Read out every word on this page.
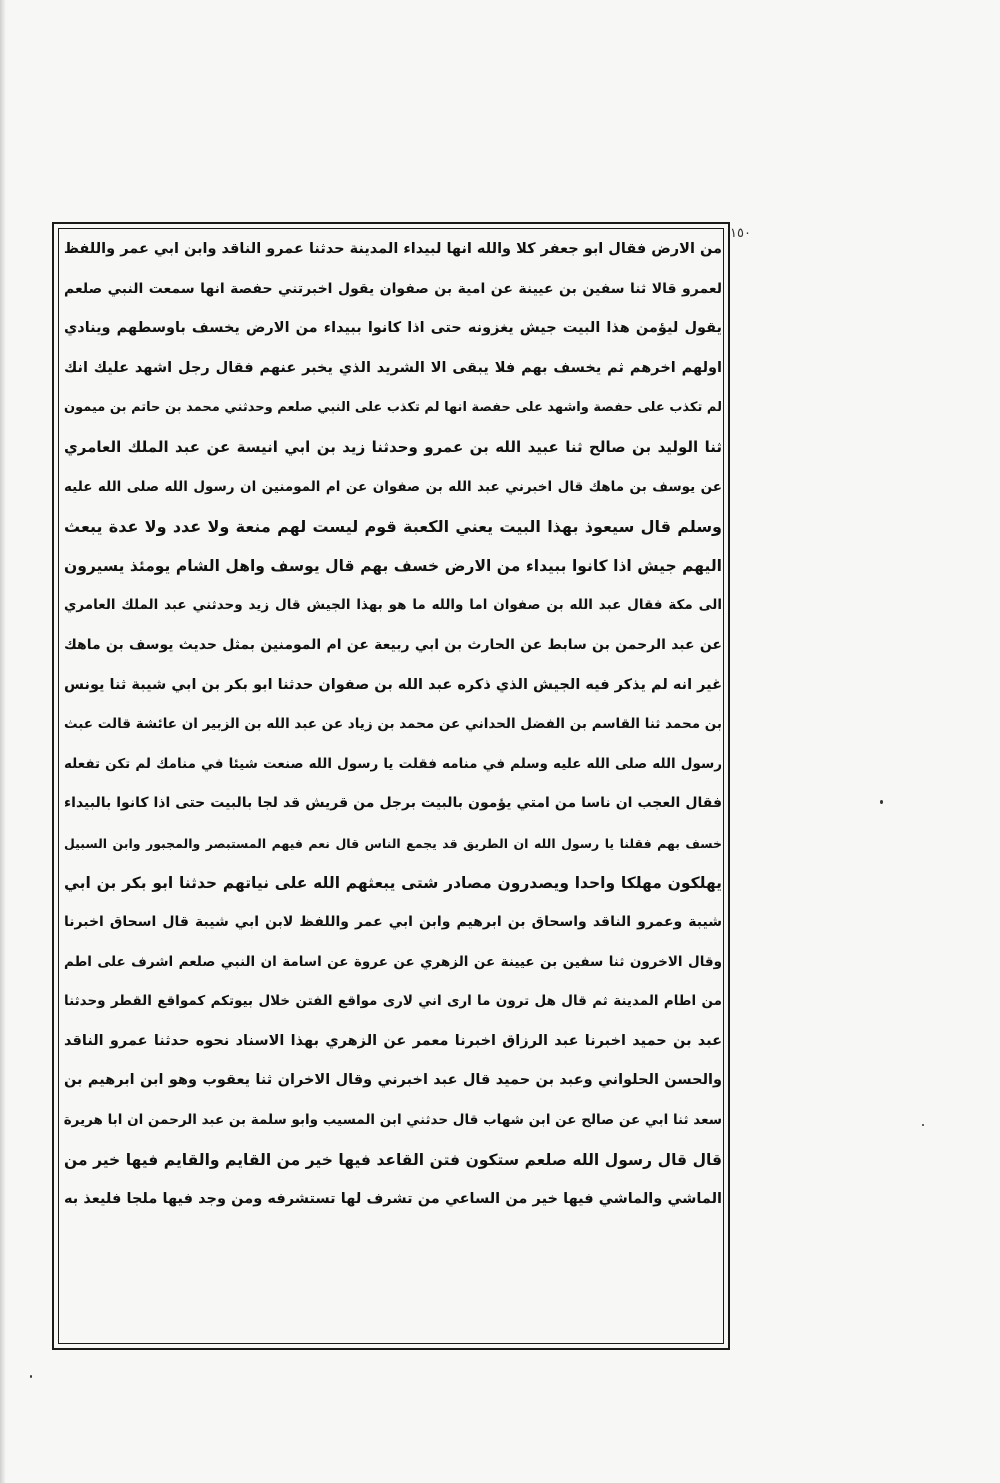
١٥٠
من الارض فقال ابو جعفر كلا والله انها لبيداء المدينة حدثنا عمرو الناقد وابن ابي عمر واللفظ
لعمرو قالا ثنا سفين بن عيينة عن امية بن صفوان يقول اخبرتني حفصة انها سمعت النبي صلعم
يقول ليؤمن هذا البيت جيش يغزونه حتى اذا كانوا ببيداء من الارض يخسف باوسطهم وينادي
اولهم اخرهم ثم يخسف بهم فلا يبقى الا الشريد الذي يخبر عنهم فقال رجل اشهد عليك انك
لم تكذب على حفصة واشهد على حفصة انها لم تكذب على النبي صلعم وحدثني محمد بن حاتم بن ميمون
ثنا الوليد بن صالح ثنا عبيد الله بن عمرو وحدثنا زيد بن ابي انيسة عن عبد الملك العامري
عن يوسف بن ماهك قال اخبرني عبد الله بن صفوان عن ام المومنين ان رسول الله صلى الله عليه
وسلم قال سيعوذ بهذا البيت يعني الكعبة قوم ليست لهم منعة ولا عدد ولا عدة يبعث
اليهم جيش اذا كانوا ببيداء من الارض خسف بهم قال يوسف واهل الشام يومئذ يسيرون
الى مكة فقال عبد الله بن صفوان اما والله ما هو بهذا الجيش قال زيد وحدثني عبد الملك العامري
عن عبد الرحمن بن سابط عن الحارث بن ابي ربيعة عن ام المومنين بمثل حديث يوسف بن ماهك
غير انه لم يذكر فيه الجيش الذي ذكره عبد الله بن صفوان حدثنا ابو بكر بن ابي شيبة ثنا يونس
بن محمد ثنا القاسم بن الفضل الحداني عن محمد بن زياد عن عبد الله بن الزبير ان عائشة قالت عبث
رسول الله صلى الله عليه وسلم في منامه فقلت يا رسول الله صنعت شيئا في منامك لم تكن تفعله
فقال العجب ان ناسا من امتي يؤمون بالبيت برجل من قريش قد لجا بالبيت حتى اذا كانوا بالبيداء
خسف بهم فقلنا يا رسول الله ان الطريق قد يجمع الناس قال نعم فيهم المستبصر والمجبور وابن السبيل
يهلكون مهلكا واحدا ويصدرون مصادر شتى يبعثهم الله على نياتهم حدثنا ابو بكر بن ابي
شيبة وعمرو الناقد واسحاق بن ابرهيم وابن ابي عمر واللفظ لابن ابي شيبة قال اسحاق اخبرنا
وقال الاخرون ثنا سفين بن عيينة عن الزهري عن عروة عن اسامة ان النبي صلعم اشرف على اطم
من اطام المدينة ثم قال هل ترون ما ارى اني لارى مواقع الفتن خلال بيوتكم كمواقع القطر وحدثنا
عبد بن حميد اخبرنا عبد الرزاق اخبرنا معمر عن الزهري بهذا الاسناد نحوه حدثنا عمرو الناقد
والحسن الحلواني وعبد بن حميد قال عبد اخبرني وقال الاخران ثنا يعقوب وهو ابن ابرهيم بن
سعد ثنا ابي عن صالح عن ابن شهاب قال حدثني ابن المسيب وابو سلمة بن عبد الرحمن ان ابا هريرة
قال قال رسول الله صلعم ستكون فتن القاعد فيها خير من القايم والقايم فيها خير من
الماشي والماشي فيها خير من الساعي من تشرف لها تستشرفه ومن وجد فيها ملجا فليعذ به
